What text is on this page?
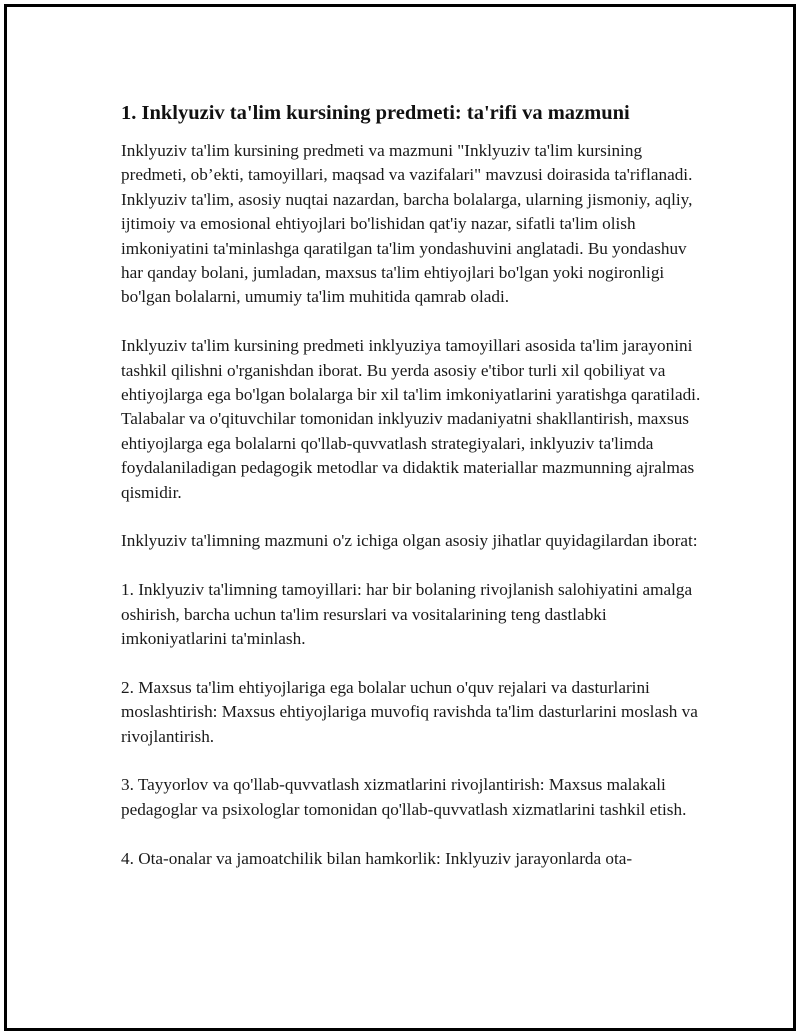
1. Inklyuziv ta'lim kursining predmeti: ta'rifi va mazmuni

Inklyuziv ta'lim kursining predmeti va mazmuni "Inklyuziv ta'lim kursining predmeti, ob’ekti, tamoyillari, maqsad va vazifalari" mavzusi doirasida ta'riflanadi. Inklyuziv ta'lim, asosiy nuqtai nazardan, barcha bolalarga, ularning jismoniy, aqliy, ijtimoiy va emosional ehtiyojlari bo'lishidan qat'iy nazar, sifatli ta'lim olish imkoniyatini ta'minlashga qaratilgan ta'lim yondashuvini anglatadi. Bu yondashuv har qanday bolani, jumladan, maxsus ta'lim ehtiyojlari bo'lgan yoki nogironligi bo'lgan bolalarni, umumiy ta'lim muhitida qamrab oladi.

Inklyuziv ta'lim kursining predmeti inklyuziya tamoyillari asosida ta'lim jarayonini tashkil qilishni o'rganishdan iborat. Bu yerda asosiy e'tibor turli xil qobiliyat va ehtiyojlarga ega bo'lgan bolalarga bir xil ta'lim imkoniyatlarini yaratishga qaratiladi. Talabalar va o'qituvchilar tomonidan inklyuziv madaniyatni shakllantirish, maxsus ehtiyojlarga ega bolalarni qo'llab-quvvatlash strategiyalari, inklyuziv ta'limda foydalaniladigan pedagogik metodlar va didaktik materiallar mazmunning ajralmas qismidir.

Inklyuziv ta'limning mazmuni o'z ichiga olgan asosiy jihatlar quyidagilardan iborat:

1. Inklyuziv ta'limning tamoyillari: har bir bolaning rivojlanish salohiyatini amalga oshirish, barcha uchun ta'lim resurslari va vositalarining teng dastlabki imkoniyatlarini ta'minlash.

2. Maxsus ta'lim ehtiyojlariga ega bolalar uchun o'quv rejalari va dasturlarini moslashtirish: Maxsus ehtiyojlariga muvofiq ravishda ta'lim dasturlarini moslash va rivojlantirish.

3. Tayyorlov va qo'llab-quvvatlash xizmatlarini rivojlantirish: Maxsus malakali pedagoglar va psixologlar tomonidan qo'llab-quvvatlash xizmatlarini tashkil etish.

4. Ota-onalar va jamoatchilik bilan hamkorlik: Inklyuziv jarayonlarda ota-
